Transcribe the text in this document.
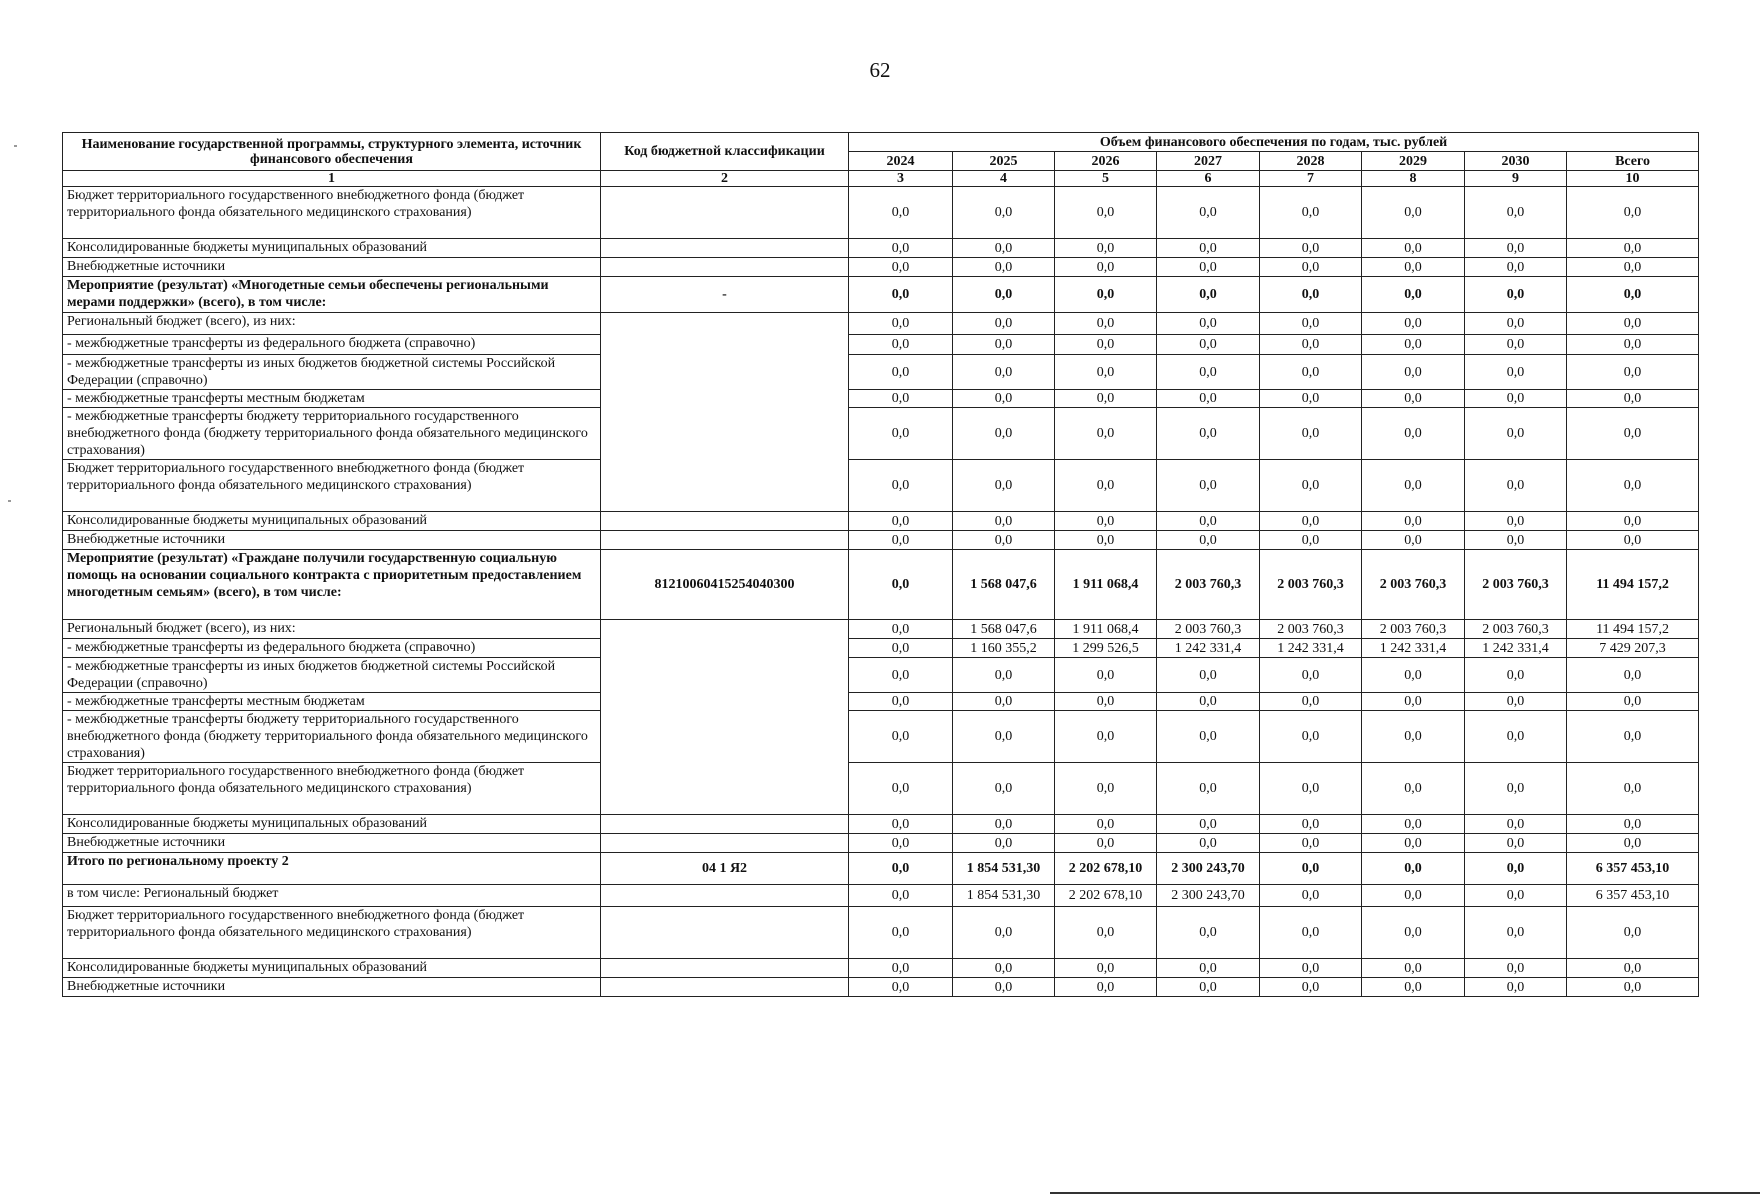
62
Наименование государственной программы, структурного элемента, источник финансового обеспечения	Код бюджетной классификации	Объем финансового обеспечения по годам, тыс. рублей							
		2024	2025	2026	2027	2028	2029	2030	Всего
1	2	3	4	5	6	7	8	9	10
Бюджет территориального государственного внебюджетного фонда (бюджет территориального фонда обязательного медицинского страхования)		0,0	0,0	0,0	0,0	0,0	0,0	0,0	0,0
Консолидированные бюджеты муниципальных образований		0,0	0,0	0,0	0,0	0,0	0,0	0,0	0,0
Внебюджетные источники		0,0	0,0	0,0	0,0	0,0	0,0	0,0	0,0
Мероприятие (результат) «Многодетные семьи обеспечены региональными мерами поддержки» (всего), в том числе:	-	0,0	0,0	0,0	0,0	0,0	0,0	0,0	0,0
Региональный бюджет (всего), из них:		0,0	0,0	0,0	0,0	0,0	0,0	0,0	0,0
- межбюджетные трансферты из федерального бюджета (справочно)		0,0	0,0	0,0	0,0	0,0	0,0	0,0	0,0
- межбюджетные трансферты из иных бюджетов бюджетной системы Российской Федерации (справочно)		0,0	0,0	0,0	0,0	0,0	0,0	0,0	0,0
- межбюджетные трансферты местным бюджетам		0,0	0,0	0,0	0,0	0,0	0,0	0,0	0,0
- межбюджетные трансферты бюджету территориального государственного внебюджетного фонда (бюджету территориального фонда обязательного медицинского страхования)		0,0	0,0	0,0	0,0	0,0	0,0	0,0	0,0
Бюджет территориального государственного внебюджетного фонда (бюджет территориального фонда обязательного медицинского страхования)		0,0	0,0	0,0	0,0	0,0	0,0	0,0	0,0
Консолидированные бюджеты муниципальных образований		0,0	0,0	0,0	0,0	0,0	0,0	0,0	0,0
Внебюджетные источники		0,0	0,0	0,0	0,0	0,0	0,0	0,0	0,0
Мероприятие (результат) «Граждане получили государственную социальную помощь на основании социального контракта с приоритетным предоставлением многодетным семьям» (всего), в том числе:	81210060415254040300	0,0	1 568 047,6	1 911 068,4	2 003 760,3	2 003 760,3	2 003 760,3	2 003 760,3	11 494 157,2
Региональный бюджет (всего), из них:		0,0	1 568 047,6	1 911 068,4	2 003 760,3	2 003 760,3	2 003 760,3	2 003 760,3	11 494 157,2
- межбюджетные трансферты из федерального бюджета (справочно)		0,0	1 160 355,2	1 299 526,5	1 242 331,4	1 242 331,4	1 242 331,4	1 242 331,4	7 429 207,3
- межбюджетные трансферты из иных бюджетов бюджетной системы Российской Федерации (справочно)		0,0	0,0	0,0	0,0	0,0	0,0	0,0	0,0
- межбюджетные трансферты местным бюджетам		0,0	0,0	0,0	0,0	0,0	0,0	0,0	0,0
- межбюджетные трансферты бюджету территориального государственного внебюджетного фонда (бюджету территориального фонда обязательного медицинского страхования)		0,0	0,0	0,0	0,0	0,0	0,0	0,0	0,0
Бюджет территориального государственного внебюджетного фонда (бюджет территориального фонда обязательного медицинского страхования)		0,0	0,0	0,0	0,0	0,0	0,0	0,0	0,0
Консолидированные бюджеты муниципальных образований		0,0	0,0	0,0	0,0	0,0	0,0	0,0	0,0
Внебюджетные источники		0,0	0,0	0,0	0,0	0,0	0,0	0,0	0,0
Итого по региональному проекту 2	04 1 Я2	0,0	1 854 531,30	2 202 678,10	2 300 243,70	0,0	0,0	0,0	6 357 453,10
в том числе: Региональный бюджет		0,0	1 854 531,30	2 202 678,10	2 300 243,70	0,0	0,0	0,0	6 357 453,10
Бюджет территориального государственного внебюджетного фонда (бюджет территориального фонда обязательного медицинского страхования)		0,0	0,0	0,0	0,0	0,0	0,0	0,0	0,0
Консолидированные бюджеты муниципальных образований		0,0	0,0	0,0	0,0	0,0	0,0	0,0	0,0
Внебюджетные источники		0,0	0,0	0,0	0,0	0,0	0,0	0,0	0,0
